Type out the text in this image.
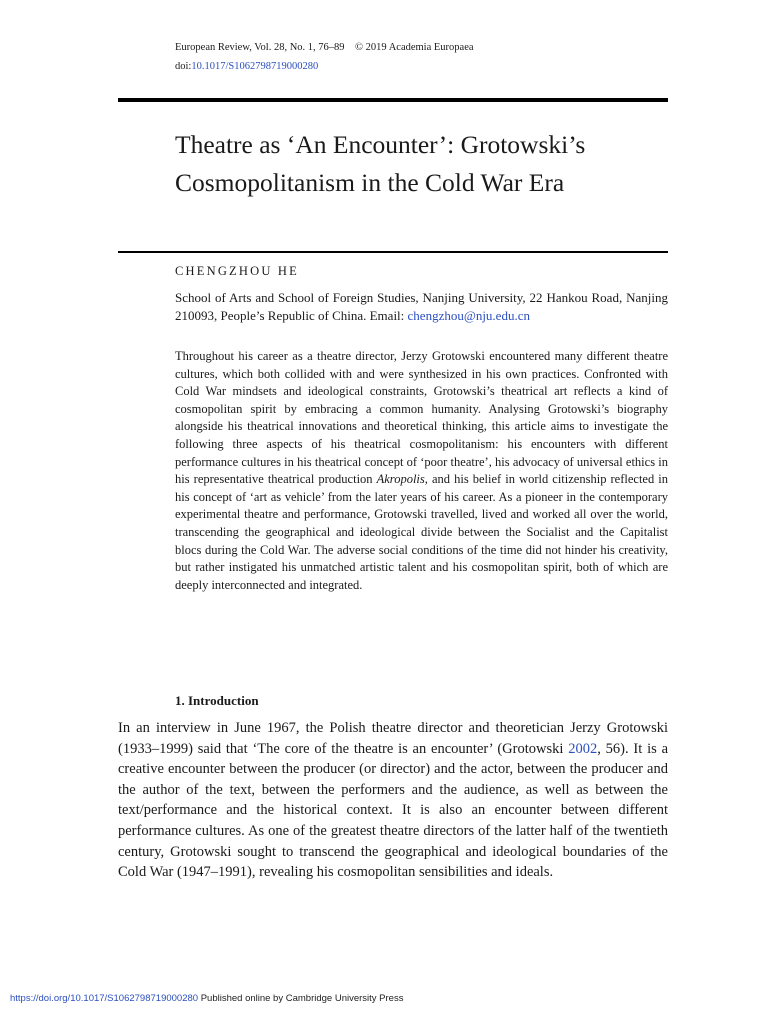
European Review, Vol. 28, No. 1, 76–89 © 2019 Academia Europaea
doi:10.1017/S1062798719000280
Theatre as ‘An Encounter’: Grotowski’s
Cosmopolitanism in the Cold War Era
CHENGZHOU HE
School of Arts and School of Foreign Studies, Nanjing University, 22 Hankou Road, Nanjing 210093, People’s Republic of China. Email: chengzhou@nju.edu.cn

Throughout his career as a theatre director, Jerzy Grotowski encountered many different theatre cultures, which both collided with and were synthesized in his own practices. Confronted with Cold War mindsets and ideological constraints, Grotowski’s theatrical art reflects a kind of cosmopolitan spirit by embracing a common humanity. Analysing Grotowski’s biography alongside his theatrical innovations and theoretical thinking, this article aims to investigate the following three aspects of his theatrical cosmopolitanism: his encounters with different performance cultures in his theatrical concept of ‘poor theatre’, his advocacy of universal ethics in his representative theatrical production Akropolis, and his belief in world citizenship reflected in his concept of ‘art as vehicle’ from the later years of his career. As a pioneer in the contemporary experimental theatre and performance, Grotowski travelled, lived and worked all over the world, transcending the geographical and ideological divide between the Socialist and the Capitalist blocs during the Cold War. The adverse social conditions of the time did not hinder his creativity, but rather instigated his unmatched artistic talent and his cosmopolitan spirit, both of which are deeply interconnected and integrated.

1. Introduction

In an interview in June 1967, the Polish theatre director and theoretician Jerzy Grotowski (1933–1999) said that ‘The core of the theatre is an encounter’ (Grotowski 2002, 56). It is a creative encounter between the producer (or director) and the actor, between the producer and the author of the text, between the performers and the audience, as well as between the text/performance and the historical context. It is also an encounter between different performance cultures. As one of the greatest theatre directors of the latter half of the twentieth century, Grotowski sought to transcend the geographical and ideological boundaries of the Cold War (1947–1991), revealing his cosmopolitan sensibilities and ideals.

https://doi.org/10.1017/S1062798719000280 Published online by Cambridge University Press
